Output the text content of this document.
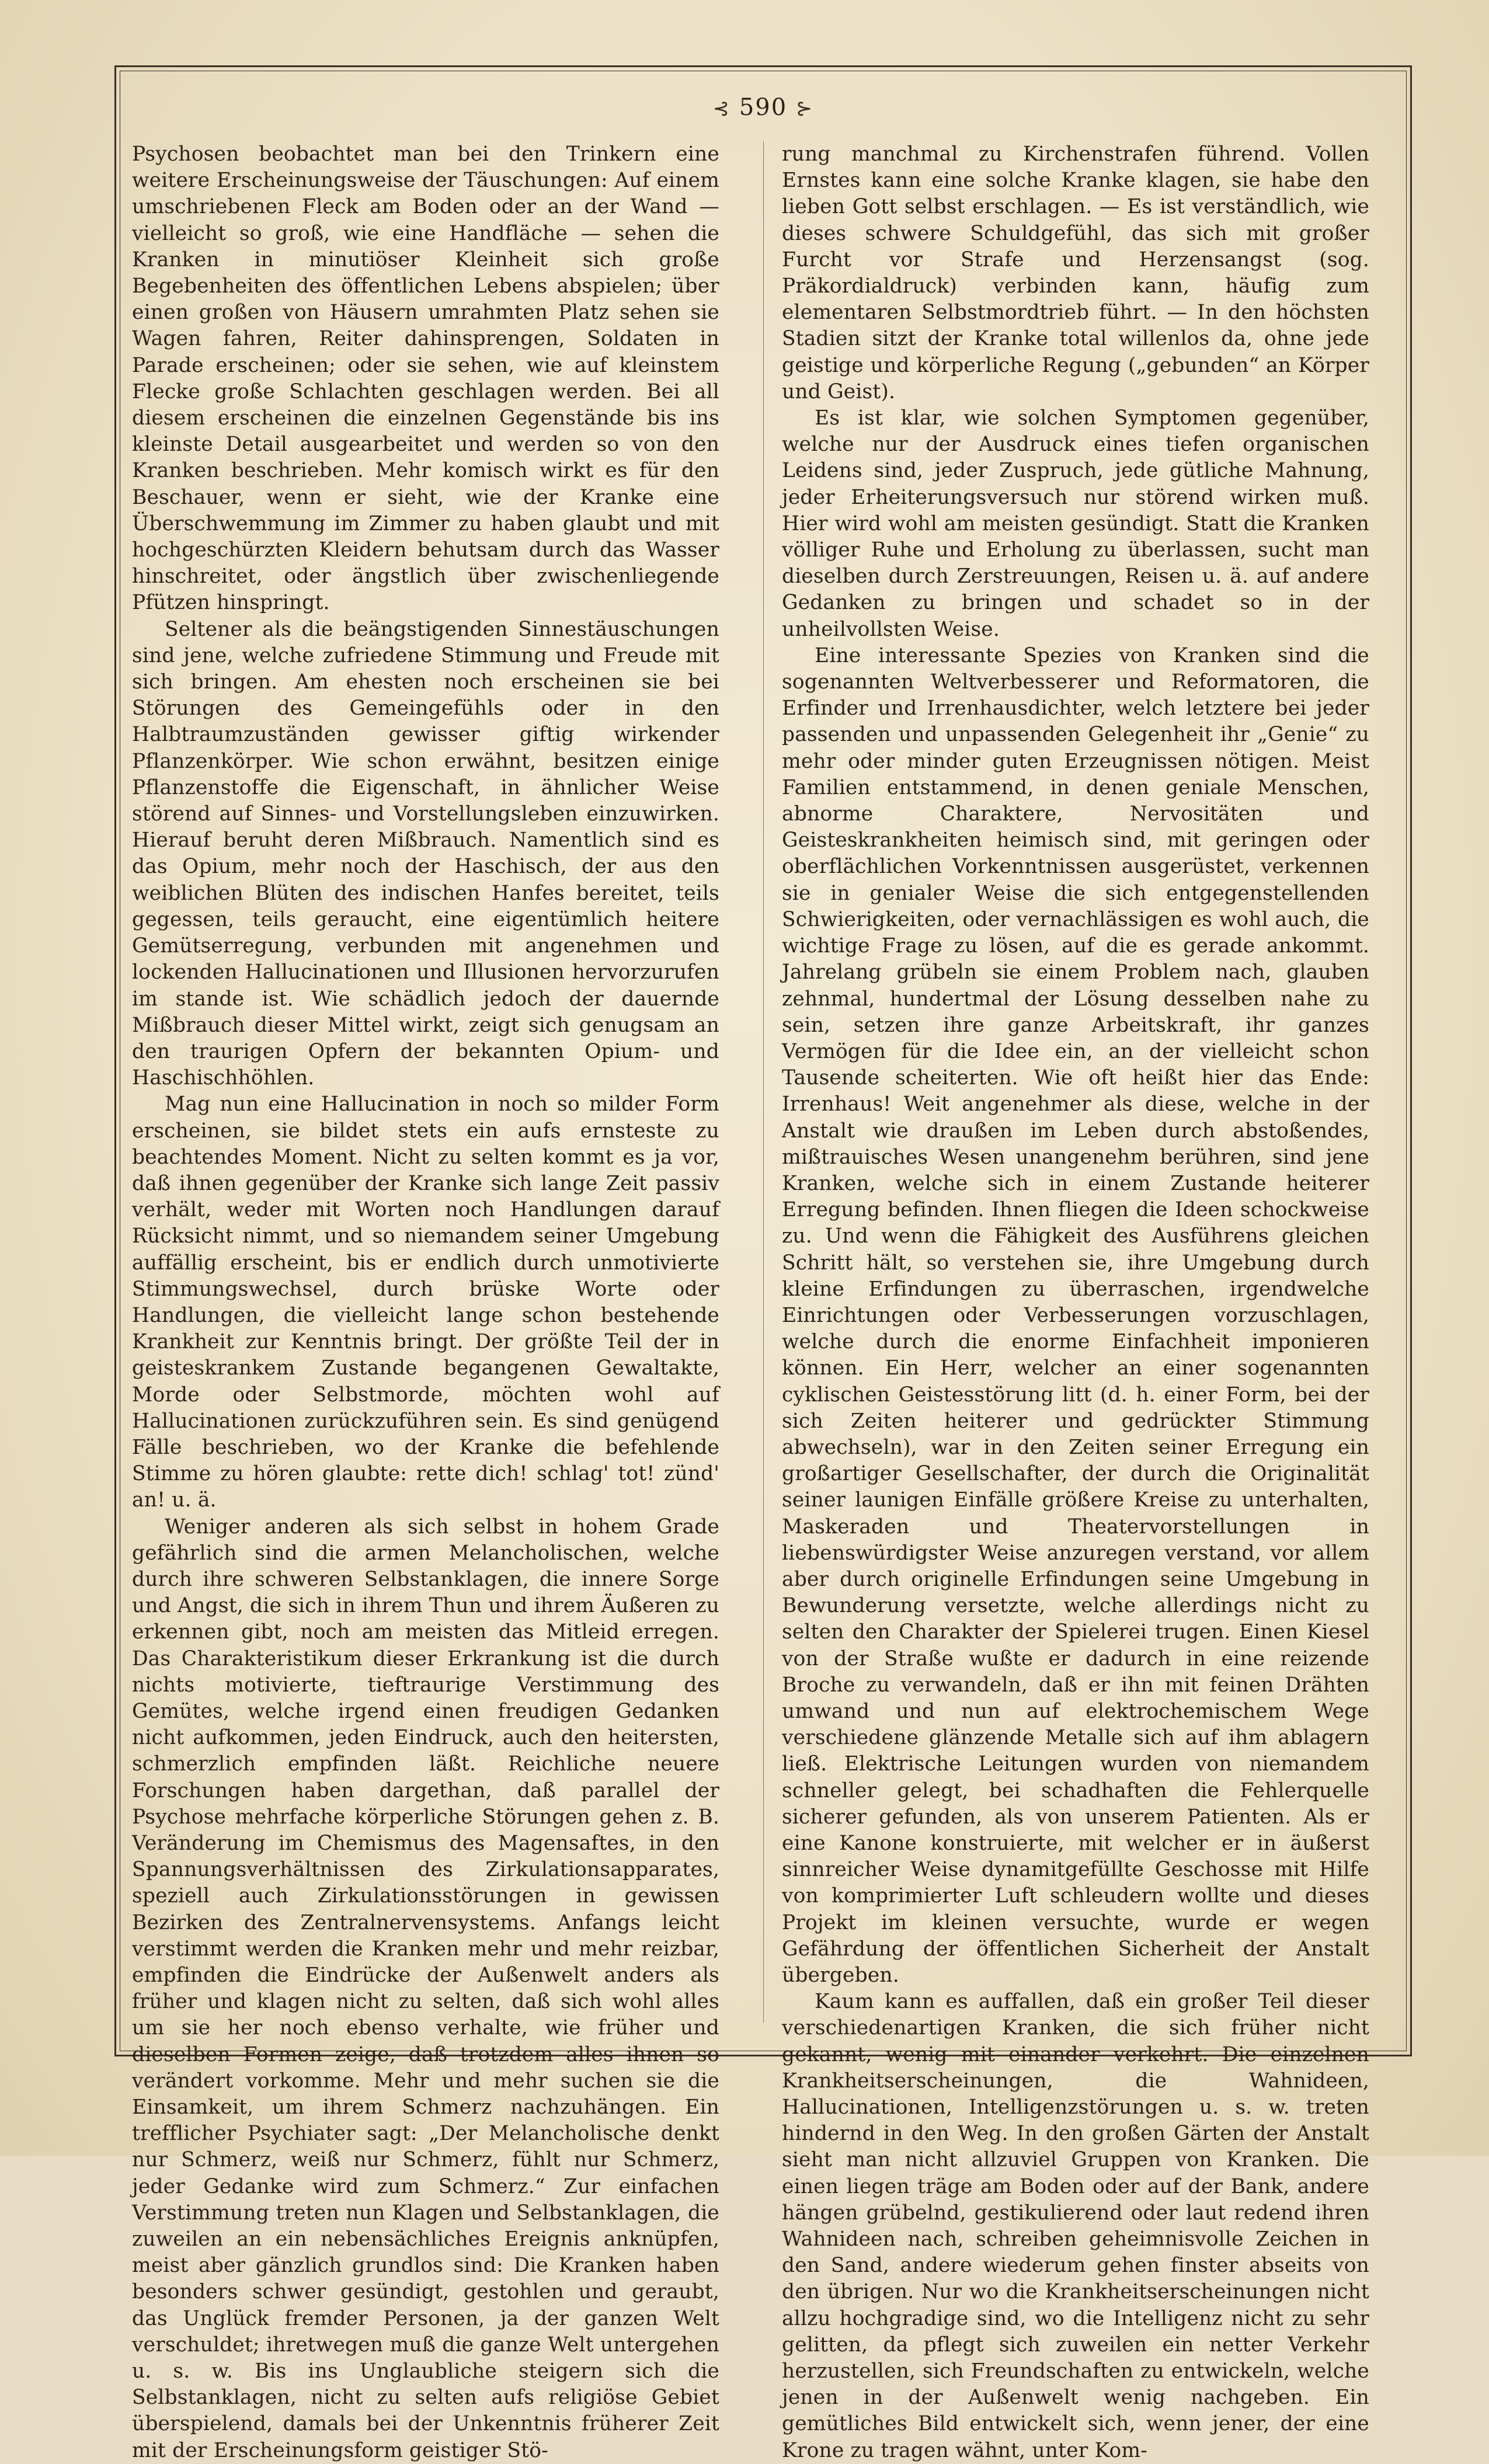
⊰ 590 ⊱

Psychosen beobachtet man bei den Trinkern eine weitere Erscheinungsweise der Täuschungen: Auf einem umschriebenen Fleck am Boden oder an der Wand — vielleicht so groß, wie eine Handfläche — sehen die Kranken in minutiöser Kleinheit sich große Begebenheiten des öffentlichen Lebens abspielen; über einen großen von Häusern umrahmten Platz sehen sie Wagen fahren, Reiter dahinsprengen, Soldaten in Parade erscheinen; oder sie sehen, wie auf kleinstem Flecke große Schlachten geschlagen werden. Bei all diesem erscheinen die einzelnen Gegenstände bis ins kleinste Detail ausgearbeitet und werden so von den Kranken beschrieben. Mehr komisch wirkt es für den Beschauer, wenn er sieht, wie der Kranke eine Überschwemmung im Zimmer zu haben glaubt und mit hochgeschürzten Kleidern behutsam durch das Wasser hinschreitet, oder ängstlich über zwischenliegende Pfützen hinspringt.

Seltener als die beängstigenden Sinnestäuschungen sind jene, welche zufriedene Stimmung und Freude mit sich bringen. Am ehesten noch erscheinen sie bei Störungen des Gemeingefühls oder in den Halbtraumzuständen gewisser giftig wirkender Pflanzenkörper. Wie schon erwähnt, besitzen einige Pflanzenstoffe die Eigenschaft, in ähnlicher Weise störend auf Sinnes- und Vorstellungsleben einzuwirken. Hierauf beruht deren Mißbrauch. Namentlich sind es das Opium, mehr noch der Haschisch, der aus den weiblichen Blüten des indischen Hanfes bereitet, teils gegessen, teils geraucht, eine eigentümlich heitere Gemütserregung, verbunden mit angenehmen und lockenden Hallucinationen und Illusionen hervorzurufen im stande ist. Wie schädlich jedoch der dauernde Mißbrauch dieser Mittel wirkt, zeigt sich genugsam an den traurigen Opfern der bekannten Opium- und Haschischhöhlen.

Mag nun eine Hallucination in noch so milder Form erscheinen, sie bildet stets ein aufs ernsteste zu beachtendes Moment. Nicht zu selten kommt es ja vor, daß ihnen gegenüber der Kranke sich lange Zeit passiv verhält, weder mit Worten noch Handlungen darauf Rücksicht nimmt, und so niemandem seiner Umgebung auffällig erscheint, bis er endlich durch unmotivierte Stimmungswechsel, durch brüske Worte oder Handlungen, die vielleicht lange schon bestehende Krankheit zur Kenntnis bringt. Der größte Teil der in geisteskrankem Zustande begangenen Gewaltakte, Morde oder Selbstmorde, möchten wohl auf Hallucinationen zurückzuführen sein. Es sind genügend Fälle beschrieben, wo der Kranke die befehlende Stimme zu hören glaubte: rette dich! schlag' tot! zünd' an! u. ä.

Weniger anderen als sich selbst in hohem Grade gefährlich sind die armen Melancholischen, welche durch ihre schweren Selbstanklagen, die innere Sorge und Angst, die sich in ihrem Thun und ihrem Äußeren zu erkennen gibt, noch am meisten das Mitleid erregen. Das Charakteristikum dieser Erkrankung ist die durch nichts motivierte, tieftraurige Verstimmung des Gemütes, welche irgend einen freudigen Gedanken nicht aufkommen, jeden Eindruck, auch den heitersten, schmerzlich empfinden läßt. Reichliche neuere Forschungen haben dargethan, daß parallel der Psychose mehrfache körperliche Störungen gehen z. B. Veränderung im Chemismus des Magensaftes, in den Spannungsverhältnissen des Zirkulationsapparates, speziell auch Zirkulationsstörungen in gewissen Bezirken des Zentralnervensystems. Anfangs leicht verstimmt werden die Kranken mehr und mehr reizbar, empfinden die Eindrücke der Außenwelt anders als früher und klagen nicht zu selten, daß sich wohl alles um sie her noch ebenso verhalte, wie früher und dieselben Formen zeige, daß trotzdem alles ihnen so verändert vorkomme. Mehr und mehr suchen sie die Einsamkeit, um ihrem Schmerz nachzuhängen. Ein trefflicher Psychiater sagt: „Der Melancholische denkt nur Schmerz, weiß nur Schmerz, fühlt nur Schmerz, jeder Gedanke wird zum Schmerz.“ Zur einfachen Verstimmung treten nun Klagen und Selbstanklagen, die zuweilen an ein nebensächliches Ereignis anknüpfen, meist aber gänzlich grundlos sind: Die Kranken haben besonders schwer gesündigt, gestohlen und geraubt, das Unglück fremder Personen, ja der ganzen Welt verschuldet; ihretwegen muß die ganze Welt untergehen u. s. w. Bis ins Unglaubliche steigern sich die Selbstanklagen, nicht zu selten aufs religiöse Gebiet überspielend, damals bei der Unkenntnis früherer Zeit mit der Erscheinungsform geistiger Stö-

rung manchmal zu Kirchenstrafen führend. Vollen Ernstes kann eine solche Kranke klagen, sie habe den lieben Gott selbst erschlagen. — Es ist verständlich, wie dieses schwere Schuldgefühl, das sich mit großer Furcht vor Strafe und Herzensangst (sog. Präkordialdruck) verbinden kann, häufig zum elementaren Selbstmordtrieb führt. — In den höchsten Stadien sitzt der Kranke total willenlos da, ohne jede geistige und körperliche Regung („gebunden“ an Körper und Geist).

Es ist klar, wie solchen Symptomen gegenüber, welche nur der Ausdruck eines tiefen organischen Leidens sind, jeder Zuspruch, jede gütliche Mahnung, jeder Erheiterungsversuch nur störend wirken muß. Hier wird wohl am meisten gesündigt. Statt die Kranken völliger Ruhe und Erholung zu überlassen, sucht man dieselben durch Zerstreuungen, Reisen u. ä. auf andere Gedanken zu bringen und schadet so in der unheilvollsten Weise.

Eine interessante Spezies von Kranken sind die sogenannten Weltverbesserer und Reformatoren, die Erfinder und Irrenhausdichter, welch letztere bei jeder passenden und unpassenden Gelegenheit ihr „Genie“ zu mehr oder minder guten Erzeugnissen nötigen. Meist Familien entstammend, in denen geniale Menschen, abnorme Charaktere, Nervositäten und Geisteskrankheiten heimisch sind, mit geringen oder oberflächlichen Vorkenntnissen ausgerüstet, verkennen sie in genialer Weise die sich entgegenstellenden Schwierigkeiten, oder vernachlässigen es wohl auch, die wichtige Frage zu lösen, auf die es gerade ankommt. Jahrelang grübeln sie einem Problem nach, glauben zehnmal, hundertmal der Lösung desselben nahe zu sein, setzen ihre ganze Arbeitskraft, ihr ganzes Vermögen für die Idee ein, an der vielleicht schon Tausende scheiterten. Wie oft heißt hier das Ende: Irrenhaus! Weit angenehmer als diese, welche in der Anstalt wie draußen im Leben durch abstoßendes, mißtrauisches Wesen unangenehm berühren, sind jene Kranken, welche sich in einem Zustande heiterer Erregung befinden. Ihnen fliegen die Ideen schockweise zu. Und wenn die Fähigkeit des Ausführens gleichen Schritt hält, so verstehen sie, ihre Umgebung durch kleine Erfindungen zu überraschen, irgendwelche Einrichtungen oder Verbesserungen vorzuschlagen, welche durch die enorme Einfachheit imponieren können. Ein Herr, welcher an einer sogenannten cyklischen Geistesstörung litt (d. h. einer Form, bei der sich Zeiten heiterer und gedrückter Stimmung abwechseln), war in den Zeiten seiner Erregung ein großartiger Gesellschafter, der durch die Originalität seiner launigen Einfälle größere Kreise zu unterhalten, Maskeraden und Theatervorstellungen in liebenswürdigster Weise anzuregen verstand, vor allem aber durch originelle Erfindungen seine Umgebung in Bewunderung versetzte, welche allerdings nicht zu selten den Charakter der Spielerei trugen. Einen Kiesel von der Straße wußte er dadurch in eine reizende Broche zu verwandeln, daß er ihn mit feinen Drähten umwand und nun auf elektrochemischem Wege verschiedene glänzende Metalle sich auf ihm ablagern ließ. Elektrische Leitungen wurden von niemandem schneller gelegt, bei schadhaften die Fehlerquelle sicherer gefunden, als von unserem Patienten. Als er eine Kanone konstruierte, mit welcher er in äußerst sinnreicher Weise dynamitgefüllte Geschosse mit Hilfe von komprimierter Luft schleudern wollte und dieses Projekt im kleinen versuchte, wurde er wegen Gefährdung der öffentlichen Sicherheit der Anstalt übergeben.

Kaum kann es auffallen, daß ein großer Teil dieser verschiedenartigen Kranken, die sich früher nicht gekannt, wenig mit einander verkehrt. Die einzelnen Krankheitserscheinungen, die Wahnideen, Hallucinationen, Intelligenzstörungen u. s. w. treten hindernd in den Weg. In den großen Gärten der Anstalt sieht man nicht allzuviel Gruppen von Kranken. Die einen liegen träge am Boden oder auf der Bank, andere hängen grübelnd, gestikulierend oder laut redend ihren Wahnideen nach, schreiben geheimnisvolle Zeichen in den Sand, andere wiederum gehen finster abseits von den übrigen. Nur wo die Krankheitserscheinungen nicht allzu hochgradige sind, wo die Intelligenz nicht zu sehr gelitten, da pflegt sich zuweilen ein netter Verkehr herzustellen, sich Freundschaften zu entwickeln, welche jenen in der Außenwelt wenig nachgeben. Ein gemütliches Bild entwickelt sich, wenn jener, der eine Krone zu tragen wähnt, unter Kom-
